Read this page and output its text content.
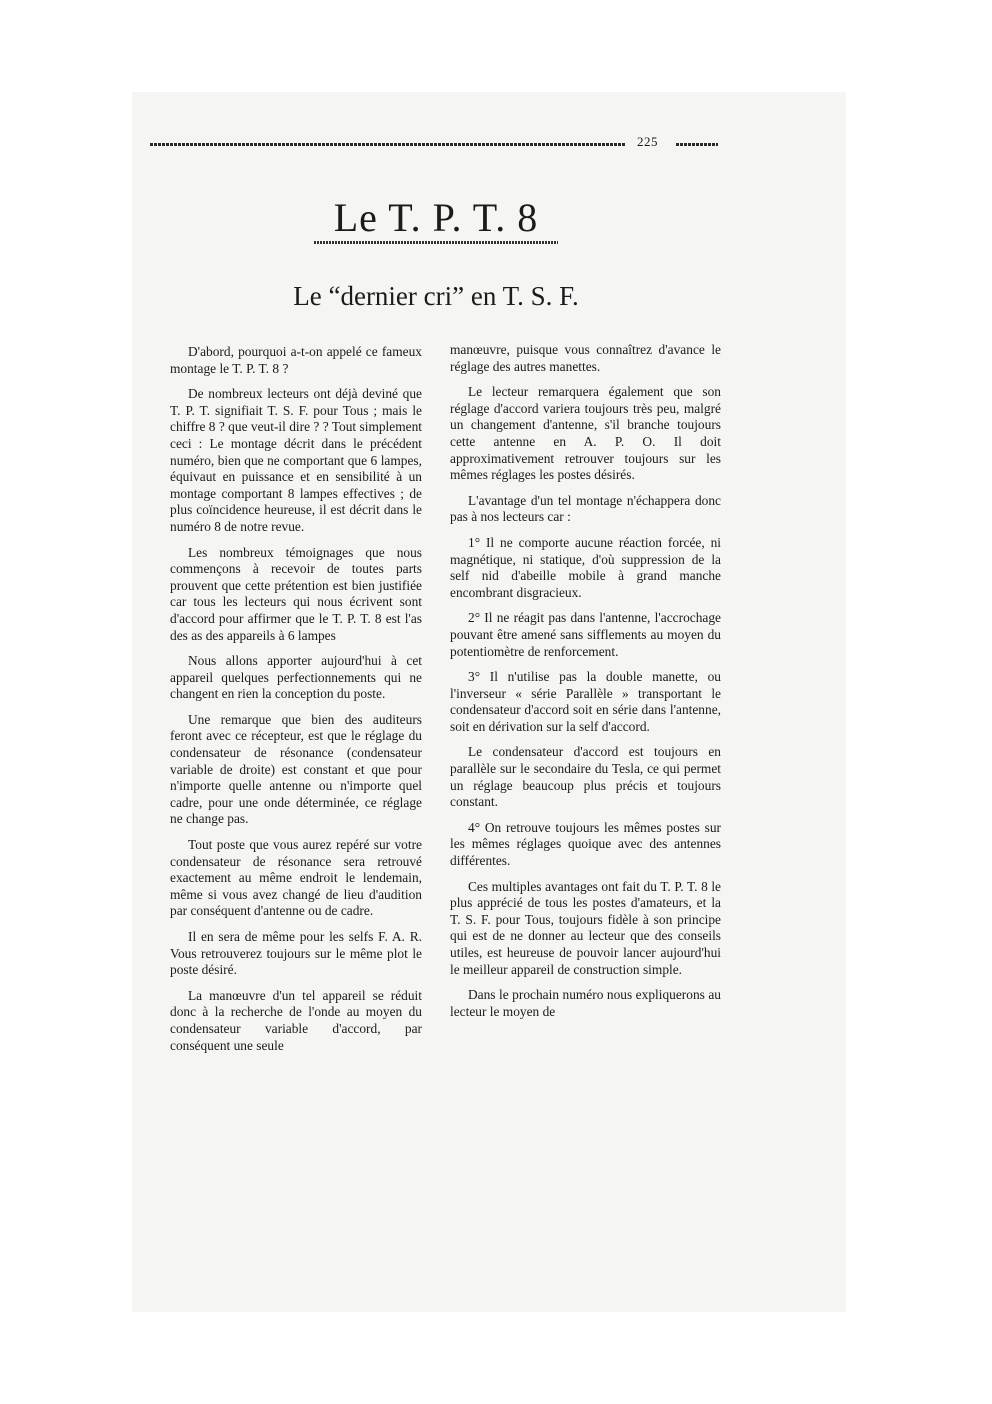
225
Le T. P. T. 8
Le “dernier cri” en T. S. F.

D'abord, pourquoi a-t-on appelé ce fameux montage le T. P. T. 8 ?

De nombreux lecteurs ont déjà deviné que T. P. T. signifiait T. S. F. pour Tous ; mais le chiffre 8 ? que veut-il dire ? ? Tout simplement ceci : Le montage décrit dans le précédent numéro, bien que ne comportant que 6 lampes, équivaut en puissance et en sensibilité à un montage comportant 8 lampes effectives ; de plus coïncidence heureuse, il est décrit dans le numéro 8 de notre revue.

Les nombreux témoignages que nous commençons à recevoir de toutes parts prouvent que cette prétention est bien justifiée car tous les lecteurs qui nous écrivent sont d'accord pour affirmer que le T. P. T. 8 est l'as des as des appareils à 6 lampes

Nous allons apporter aujourd'hui à cet appareil quelques perfectionnements qui ne changent en rien la conception du poste.

Une remarque que bien des auditeurs feront avec ce récepteur, est que le réglage du condensateur de résonance (condensateur variable de droite) est constant et que pour n'importe quelle antenne ou n'importe quel cadre, pour une onde déterminée, ce réglage ne change pas.

Tout poste que vous aurez repéré sur votre condensateur de résonance sera retrouvé exactement au même endroit le lendemain, même si vous avez changé de lieu d'audition par conséquent d'antenne ou de cadre.

Il en sera de même pour les selfs F. A. R. Vous retrouverez toujours sur le même plot le poste désiré.

La manœuvre d'un tel appareil se réduit donc à la recherche de l'onde au moyen du condensateur variable d'accord, par conséquent une seule

manœuvre, puisque vous connaîtrez d'avance le réglage des autres manettes.

Le lecteur remarquera également que son réglage d'accord variera toujours très peu, malgré un changement d'antenne, s'il branche toujours cette antenne en A. P. O. Il doit approximativement retrouver toujours sur les mêmes réglages les postes désirés.

L'avantage d'un tel montage n'échappera donc pas à nos lecteurs car :

1° Il ne comporte aucune réaction forcée, ni magnétique, ni statique, d'où suppression de la self nid d'abeille mobile à grand manche encombrant disgracieux.

2° Il ne réagit pas dans l'antenne, l'accrochage pouvant être amené sans sifflements au moyen du potentiomètre de renforcement.

3° Il n'utilise pas la double manette, ou l'inverseur « série Parallèle » transportant le condensateur d'accord soit en série dans l'antenne, soit en dérivation sur la self d'accord.

Le condensateur d'accord est toujours en parallèle sur le secondaire du Tesla, ce qui permet un réglage beaucoup plus précis et toujours constant.

4° On retrouve toujours les mêmes postes sur les mêmes réglages quoique avec des antennes différentes.

Ces multiples avantages ont fait du T. P. T. 8 le plus apprécié de tous les postes d'amateurs, et la T. S. F. pour Tous, toujours fidèle à son principe qui est de ne donner au lecteur que des conseils utiles, est heureuse de pouvoir lancer aujourd'hui le meilleur appareil de construction simple.

Dans le prochain numéro nous expliquerons au lecteur le moyen de
